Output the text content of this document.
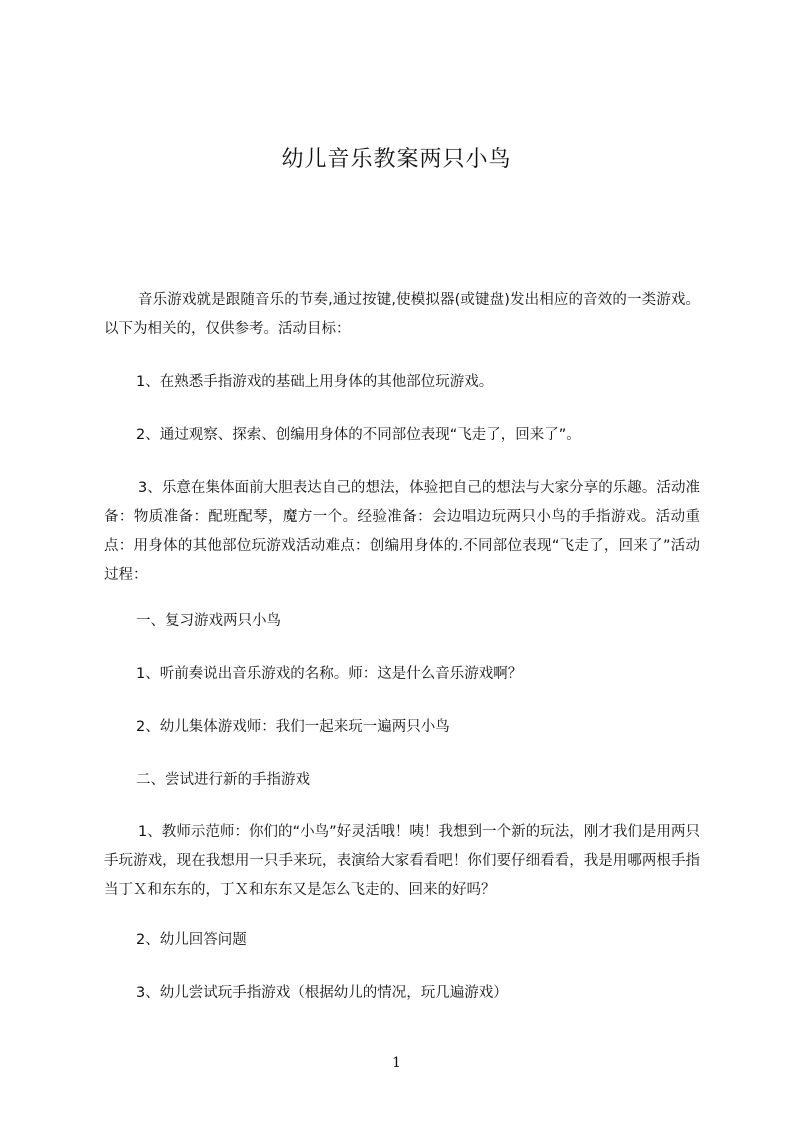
幼儿音乐教案两只小鸟

音乐游戏就是跟随音乐的节奏,通过按键,使模拟器(或键盘)发出相应的音效的一类游戏。以下为相关的，仅供参考。活动目标：

1、在熟悉手指游戏的基础上用身体的其他部位玩游戏。
2、通过观察、探索、创编用身体的不同部位表现“飞走了，回来了”。

3、乐意在集体面前大胆表达自己的想法，体验把自己的想法与大家分享的乐趣。活动准备：物质准备：配班配琴，魔方一个。经验准备：会边唱边玩两只小鸟的手指游戏。活动重点：用身体的其他部位玩游戏活动难点：创编用身体的.不同部位表现“飞走了，回来了”活动过程：

一、复习游戏两只小鸟
1、听前奏说出音乐游戏的名称。师：这是什么音乐游戏啊？
2、幼儿集体游戏师：我们一起来玩一遍两只小鸟
二、尝试进行新的手指游戏

1、教师示范师：你们的“小鸟”好灵活哦！咦！我想到一个新的玩法，刚才我们是用两只手玩游戏，现在我想用一只手来玩，表演给大家看看吧！你们要仔细看看，我是用哪两根手指当丁Ｘ和东东的，丁Ｘ和东东又是怎么飞走的、回来的好吗？

2、幼儿回答问题
3、幼儿尝试玩手指游戏（根据幼儿的情况，玩几遍游戏）
1
